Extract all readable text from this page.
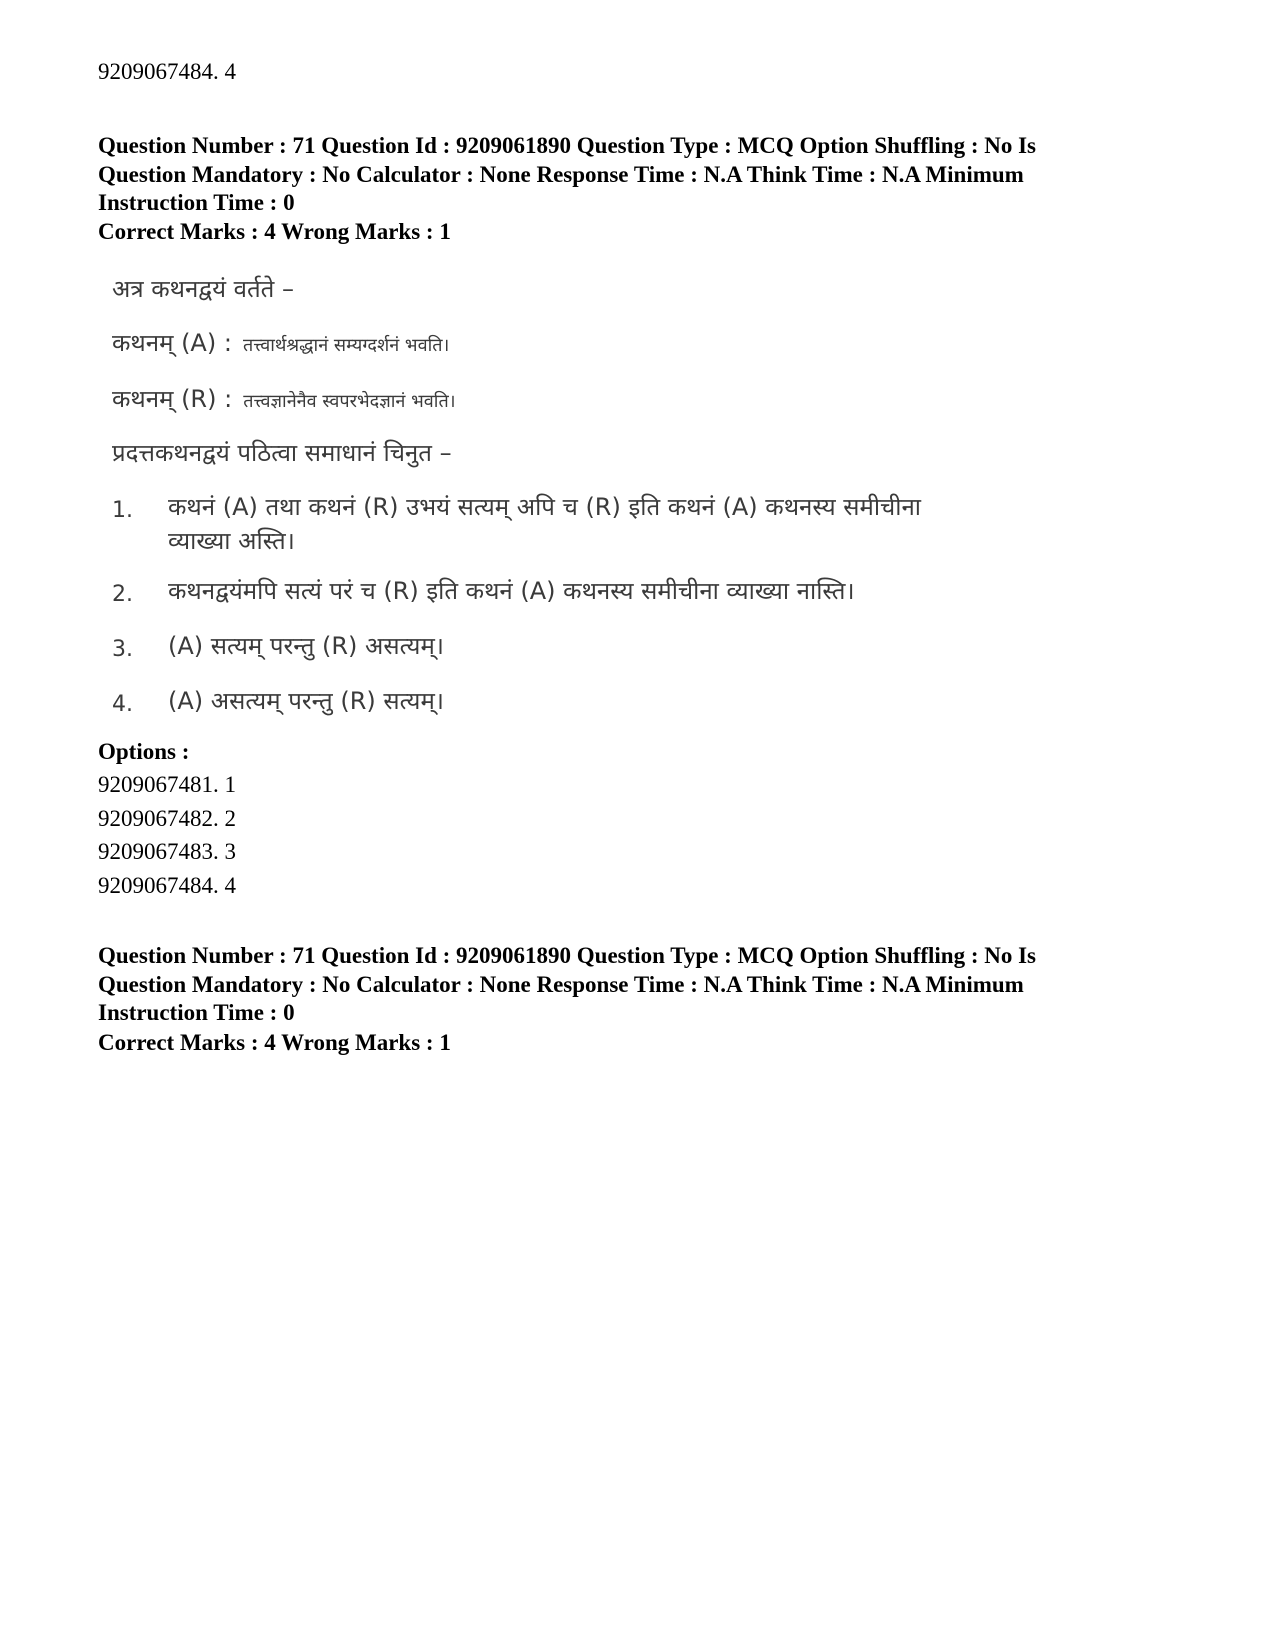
9209067484. 4
Question Number : 71 Question Id : 9209061890 Question Type : MCQ Option Shuffling : No Is
Question Mandatory : No Calculator : None Response Time : N.A Think Time : N.A Minimum
Instruction Time : 0
Correct Marks : 4 Wrong Marks : 1
अत्र कथनद्वयं वर्तते –
कथनम् (A) : तत्त्वार्थश्रद्धानं सम्यग्दर्शनं भवति।
कथनम् (R) : तत्त्वज्ञानेनैव स्वपरभेदज्ञानं भवति।
प्रदत्तकथनद्वयं पठित्वा समाधानं चिनुत –
1. कथनं (A) तथा कथनं (R) उभयं सत्यम् अपि च (R) इति कथनं (A) कथनस्य समीचीना व्याख्या अस्ति।
2. कथनद्वयंमपि सत्यं परं च (R) इति कथनं (A) कथनस्य समीचीना व्याख्या नास्ति।
3. (A) सत्यम् परन्तु (R) असत्यम्।
4. (A) असत्यम् परन्तु (R) सत्यम्।
Options :
9209067481. 1
9209067482. 2
9209067483. 3
9209067484. 4
Question Number : 71 Question Id : 9209061890 Question Type : MCQ Option Shuffling : No Is
Question Mandatory : No Calculator : None Response Time : N.A Think Time : N.A Minimum
Instruction Time : 0
Correct Marks : 4 Wrong Marks : 1
